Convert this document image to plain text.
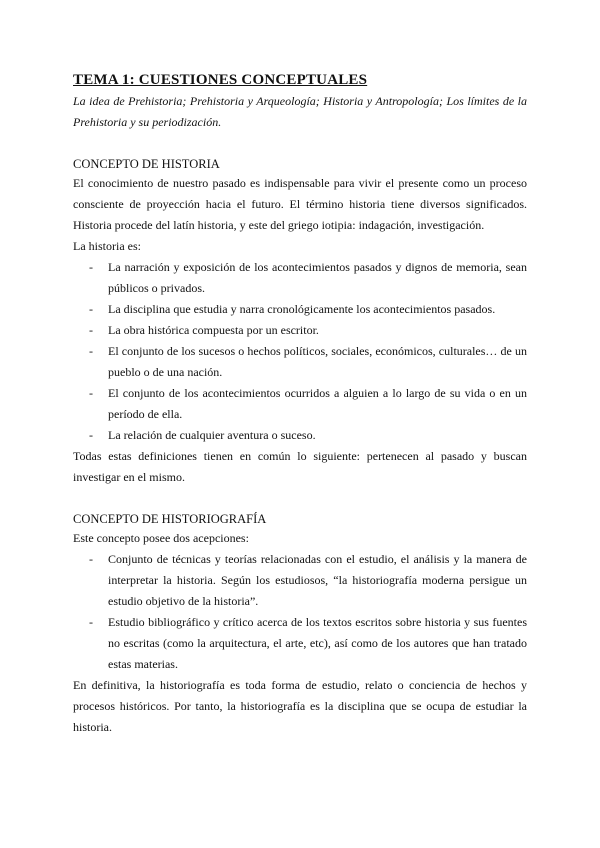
TEMA 1: CUESTIONES CONCEPTUALES

La idea de Prehistoria; Prehistoria y Arqueología; Historia y Antropología; Los límites de la Prehistoria y su periodización.

CONCEPTO DE HISTORIA

El conocimiento de nuestro pasado es indispensable para vivir el presente como un proceso consciente de proyección hacia el futuro. El término historia tiene diversos significados. Historia procede del latín historia, y este del griego iotipia: indagación, investigación.

La historia es:

- La narración y exposición de los acontecimientos pasados y dignos de memoria, sean públicos o privados.
- La disciplina que estudia y narra cronológicamente los acontecimientos pasados.
- La obra histórica compuesta por un escritor.
- El conjunto de los sucesos o hechos políticos, sociales, económicos, culturales… de un pueblo o de una nación.
- El conjunto de los acontecimientos ocurridos a alguien a lo largo de su vida o en un período de ella.
- La relación de cualquier aventura o suceso.

Todas estas definiciones tienen en común lo siguiente: pertenecen al pasado y buscan investigar en el mismo.

CONCEPTO DE HISTORIOGRAFÍA

Este concepto posee dos acepciones:

- Conjunto de técnicas y teorías relacionadas con el estudio, el análisis y la manera de interpretar la historia. Según los estudiosos, “la historiografía moderna persigue un estudio objetivo de la historia”.
- Estudio bibliográfico y crítico acerca de los textos escritos sobre historia y sus fuentes no escritas (como la arquitectura, el arte, etc), así como de los autores que han tratado estas materias.

En definitiva, la historiografía es toda forma de estudio, relato o conciencia de hechos y procesos históricos. Por tanto, la historiografía es la disciplina que se ocupa de estudiar la historia.
